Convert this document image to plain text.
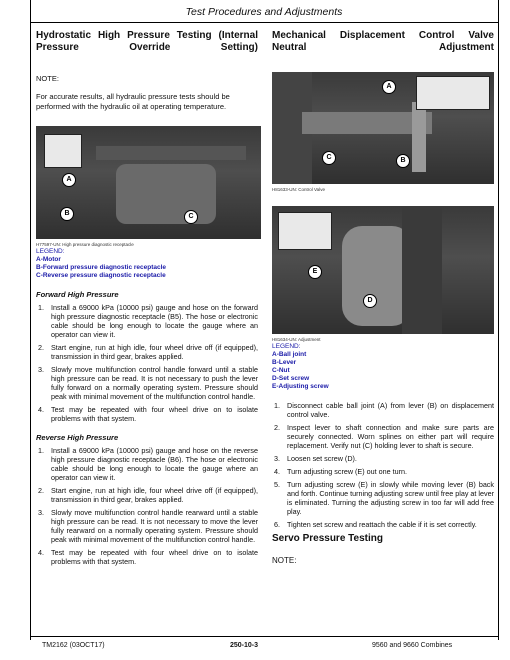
Test Procedures and Adjustments

Hydrostatic High Pressure Testing (Internal Pressure Override Setting)

NOTE:
For accurate results, all hydraulic pressure tests should be performed with the hydraulic oil at operating temperature.
A
B	C
H77597-UN: High pressure diagnostic receptacle
LEGEND:
A-Motor
B-Forward pressure diagnostic receptacle
C-Reverse pressure diagnostic receptacle
Forward High Pressure
1. Install a 69000 kPa (10000 psi) gauge and hose on the forward high pressure diagnostic receptacle (B5). The hose or electronic cable should be long enough to locate the gauge where an operator can view it.
2. Start engine, run at high idle, four wheel drive off (if equipped), transmission in third gear, brakes applied.
3. Slowly move multifunction control handle forward until a stable high pressure can be read. It is not necessary to push the lever fully forward on a normally operating system. Pressure should peak with minimal movement of the multifunction control handle.
4. Test may be repeated with four wheel drive on to isolate problems with that system.
Reverse High Pressure
1. Install a 69000 kPa (10000 psi) gauge and hose on the reverse high pressure diagnostic receptacle (B6). The hose or electronic cable should be long enough to locate the gauge where an operator can view it.
2. Start engine, run at high idle, four wheel drive off (if equipped), transmission in third gear, brakes applied.
3. Slowly move multifunction control handle rearward until a stable high pressure can be read. It is not necessary to move the lever fully rearward on a normally operating system. Pressure should peak with minimal movement of the multifunction control handle.
4. Test may be repeated with four wheel drive on to isolate problems with that system.

Mechanical Displacement Control Valve Neutral Adjustment

A
C	B
H81633-UN: Control Valve
E
D
H81634-UN: Adjustment
LEGEND:
A-Ball joint
B-Lever
C-Nut
D-Set screw
E-Adjusting screw
1. Disconnect cable ball joint (A) from lever (B) on displacement control valve.
2. Inspect lever to shaft connection and make sure parts are securely connected. Worn splines on either part will require replacement. Verify nut (C) holding lever to shaft is secure.
3. Loosen set screw (D).
4. Turn adjusting screw (E) out one turn.
5. Turn adjusting screw (E) in slowly while moving lever (B) back and forth. Continue turning adjusting screw until free play at lever is eliminated. Turning the adjusting screw in too far will add free play.
6. Tighten set screw and reattach the cable if it is set correctly.
Servo Pressure Testing
NOTE:
TM2162 (03OCT17)	250-10-3	9560 and 9660 Combines
